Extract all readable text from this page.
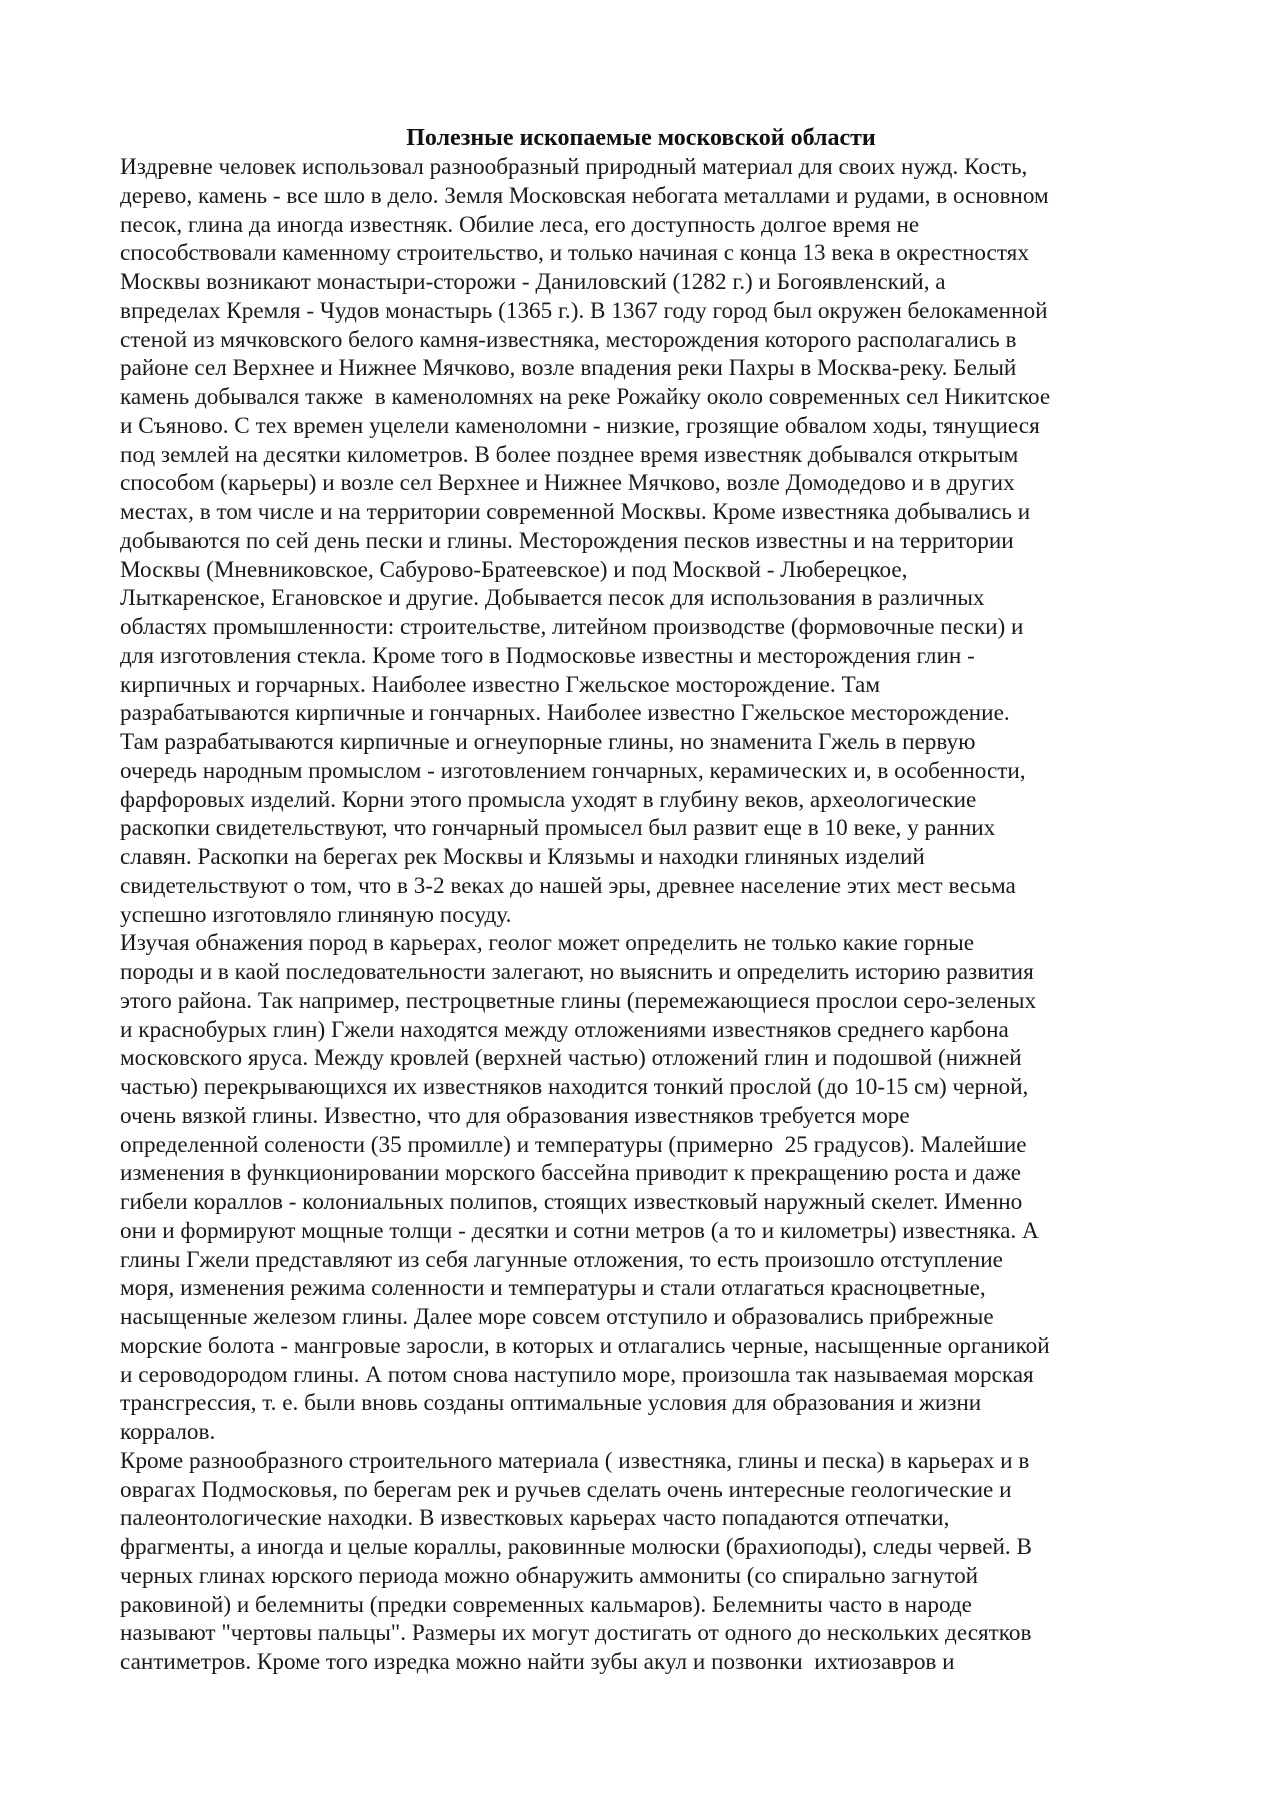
Полезные ископаемые московской области

Издревне человек использовал разнообразный природный материал для своих нужд. Кость,
дерево, камень - все шло в дело. Земля Московская небогата металлами и рудами, в основном
песок, глина да иногда известняк. Обилие леса, его доступность долгое время не
способствовали каменному строительство, и только начиная с конца 13 века в окрестностях
Москвы возникают монастыри-сторожи - Даниловский (1282 г.) и Богоявленский, а
впределах Кремля - Чудов монастырь (1365 г.). В 1367 году город был окружен белокаменной
стеной из мячковского белого камня-известняка, месторождения которого располагались в
районе сел Верхнее и Нижнее Мячково, возле впадения реки Пахры в Москва-реку. Белый
камень добывался также  в каменоломнях на реке Рожайку около современных сел Никитское
и Съяново. С тех времен уцелели каменоломни - низкие, грозящие обвалом ходы, тянущиеся
под землей на десятки километров. В более позднее время известняк добывался открытым
способом (карьеры) и возле сел Верхнее и Нижнее Мячково, возле Домодедово и в других
местах, в том числе и на территории современной Москвы. Кроме известняка добывались и
добываются по сей день пески и глины. Месторождения песков известны и на территории
Москвы (Мневниковское, Сабурово-Братеевское) и под Москвой - Люберецкое,
Лыткаренское, Егановское и другие. Добывается песок для использования в различных
областях промышленности: строительстве, литейном производстве (формовочные пески) и
для изготовления стекла. Кроме того в Подмосковье известны и месторождения глин -
кирпичных и горчарных. Наиболее известно Гжельское мосторождение. Там
разрабатываются кирпичные и гончарных. Наиболее известно Гжельское месторождение.
Там разрабатываются кирпичные и огнеупорные глины, но знаменита Гжель в первую
очередь народным промыслом - изготовлением гончарных, керамических и, в особенности,
фарфоровых изделий. Корни этого промысла уходят в глубину веков, археологические
раскопки свидетельствуют, что гончарный промысел был развит еще в 10 веке, у ранних
славян. Раскопки на берегах рек Москвы и Клязьмы и находки глиняных изделий
свидетельствуют о том, что в 3-2 веках до нашей эры, древнее население этих мест весьма
успешно изготовляло глиняную посуду.

Изучая обнажения пород в карьерах, геолог может определить не только какие горные
породы и в каой последовательности залегают, но выяснить и определить историю развития
этого района. Так например, пестроцветные глины (перемежающиеся прослои серо-зеленых
и краснобурых глин) Гжели находятся между отложениями известняков среднего карбона
московского яруса. Между кровлей (верхней частью) отложений глин и подошвой (нижней
частью) перекрывающихся их известняков находится тонкий прослой (до 10-15 см) черной,
очень вязкой глины. Известно, что для образования известняков требуется море
определенной солености (35 промилле) и температуры (примерно  25 градусов). Малейшие
изменения в функционировании морского бассейна приводит к прекращению роста и даже
гибели кораллов - колониальных полипов, стоящих известковый наружный скелет. Именно
они и формируют мощные толщи - десятки и сотни метров (а то и километры) известняка. А
глины Гжели представляют из себя лагунные отложения, то есть произошло отступление
моря, изменения режима соленности и температуры и стали отлагаться красноцветные,
насыщенные железом глины. Далее море совсем отступило и образовались прибрежные
морские болота - мангровые заросли, в которых и отлагались черные, насыщенные органикой
и сероводородом глины. А потом снова наступило море, произошла так называемая морская
трансгрессия, т. е. были вновь созданы оптимальные условия для образования и жизни
корралов.

Кроме разнообразного строительного материала ( известняка, глины и песка) в карьерах и в
оврагах Подмосковья, по берегам рек и ручьев сделать очень интересные геологические и
палеонтологические находки. В известковых карьерах часто попадаются отпечатки,
фрагменты, а иногда и целые кораллы, раковинные молюски (брахиоподы), следы червей. В
черных глинах юрского периода можно обнаружить аммониты (со спирально загнутой
раковиной) и белемниты (предки современных кальмаров). Белемниты часто в народе
называют "чертовы пальцы". Размеры их могут достигать от одного до нескольких десятков
сантиметров. Кроме того изредка можно найти зубы акул и позвонки  ихтиозавров и
